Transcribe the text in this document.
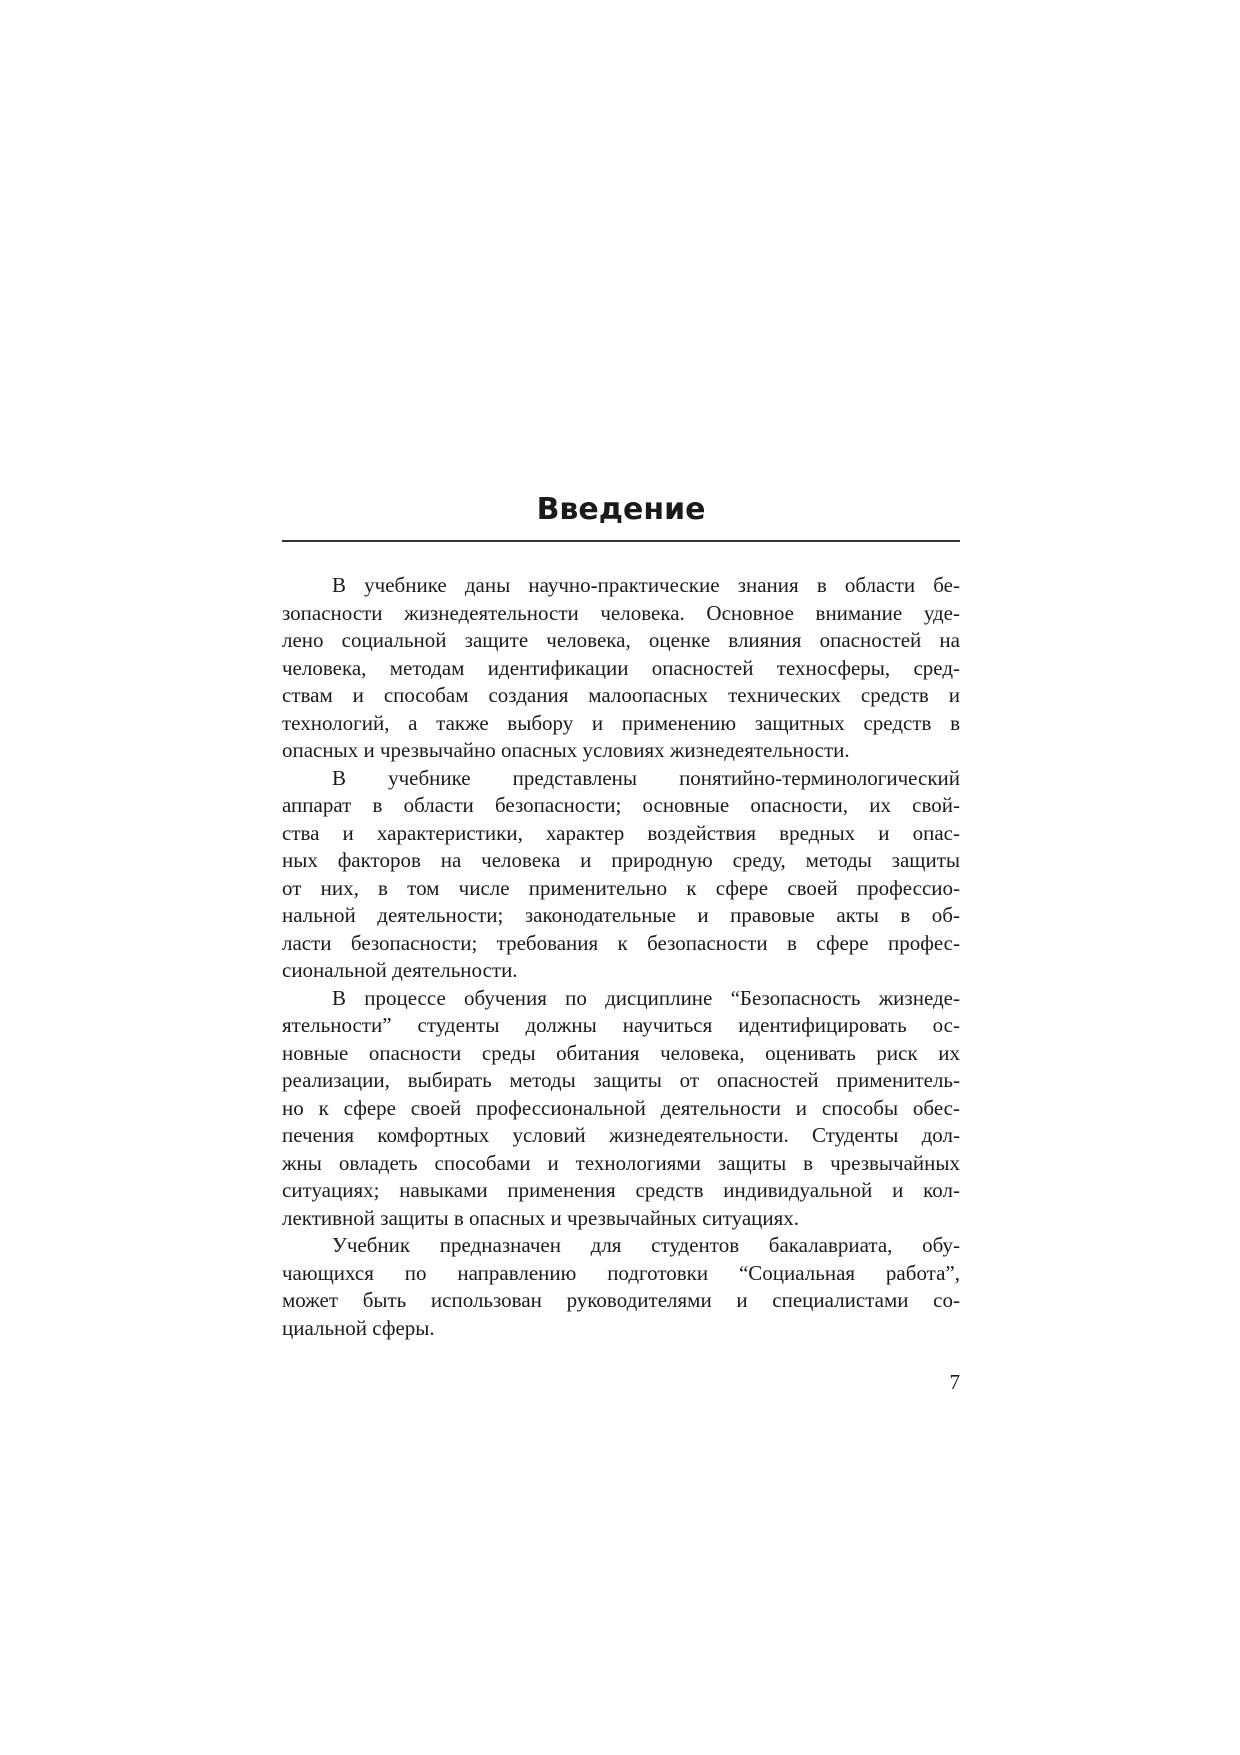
Введение
В учебнике даны научно-практические знания в области бе-
зопасности жизнедеятельности человека. Основное внимание уде-
лено социальной защите человека, оценке влияния опасностей на
человека, методам идентификации опасностей техносферы, сред-
ствам и способам создания малоопасных технических средств и
технологий, а также выбору и применению защитных средств в
опасных и чрезвычайно опасных условиях жизнедеятельности.
В учебнике представлены понятийно-терминологический
аппарат в области безопасности; основные опасности, их свой-
ства и характеристики, характер воздействия вредных и опас-
ных факторов на человека и природную среду, методы защиты
от них, в том числе применительно к сфере своей профессио-
нальной деятельности; законодательные и правовые акты в об-
ласти безопасности; требования к безопасности в сфере профес-
сиональной деятельности.
В процессе обучения по дисциплине “Безопасность жизнеде-
ятельности” студенты должны научиться идентифицировать ос-
новные опасности среды обитания человека, оценивать риск их
реализации, выбирать методы защиты от опасностей применитель-
но к сфере своей профессиональной деятельности и способы обес-
печения комфортных условий жизнедеятельности. Студенты дол-
жны овладеть способами и технологиями защиты в чрезвычайных
ситуациях; навыками применения средств индивидуальной и кол-
лективной защиты в опасных и чрезвычайных ситуациях.
Учебник предназначен для студентов бакалавриата, обу-
чающихся по направлению подготовки “Социальная работа”,
может быть использован руководителями и специалистами со-
циальной сферы.
7
